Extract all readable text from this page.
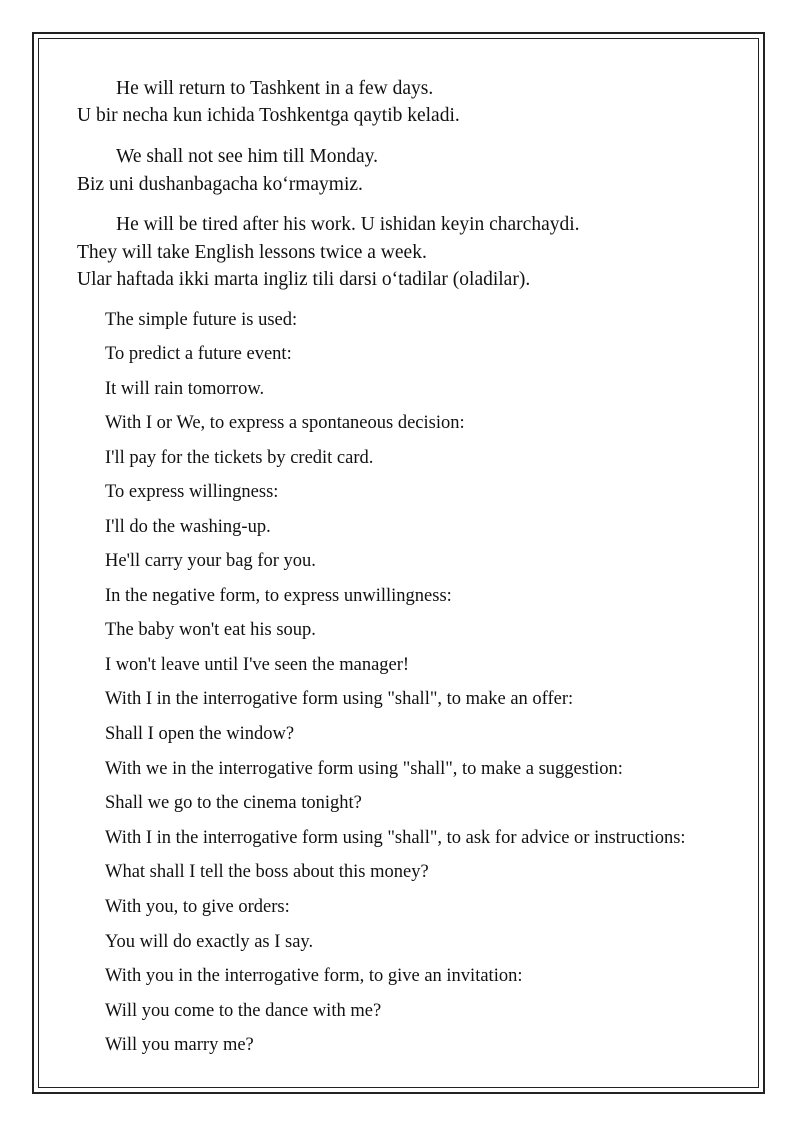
He will return to Tashkent in a few days.

U bir necha kun ichida Toshkentga qaytib keladi.

We shall not see him till Monday.

Biz uni dushanbagacha ko‘rmaymiz.

He will be tired after his work. U ishidan keyin charchaydi.

They will take English lessons twice a week.

Ular haftada ikki marta ingliz tili darsi o‘tadilar (oladilar).

The simple future is used:

To predict a future event:

It will rain tomorrow.

With I or We, to express a spontaneous decision:

I'll pay for the tickets by credit card.

To express willingness:

I'll do the washing-up.

He'll carry your bag for you.

In the negative form, to express unwillingness:

The baby won't eat his soup.

I won't leave until I've seen the manager!

With I in the interrogative form using "shall", to make an offer:

Shall I open the window?

With we in the interrogative form using "shall", to make a suggestion:

Shall we go to the cinema tonight?

With I in the interrogative form using "shall", to ask for advice or instructions:

What shall I tell the boss about this money?

With you, to give orders:

You will do exactly as I say.

With you in the interrogative form, to give an invitation:

Will you come to the dance with me?

Will you marry me?
